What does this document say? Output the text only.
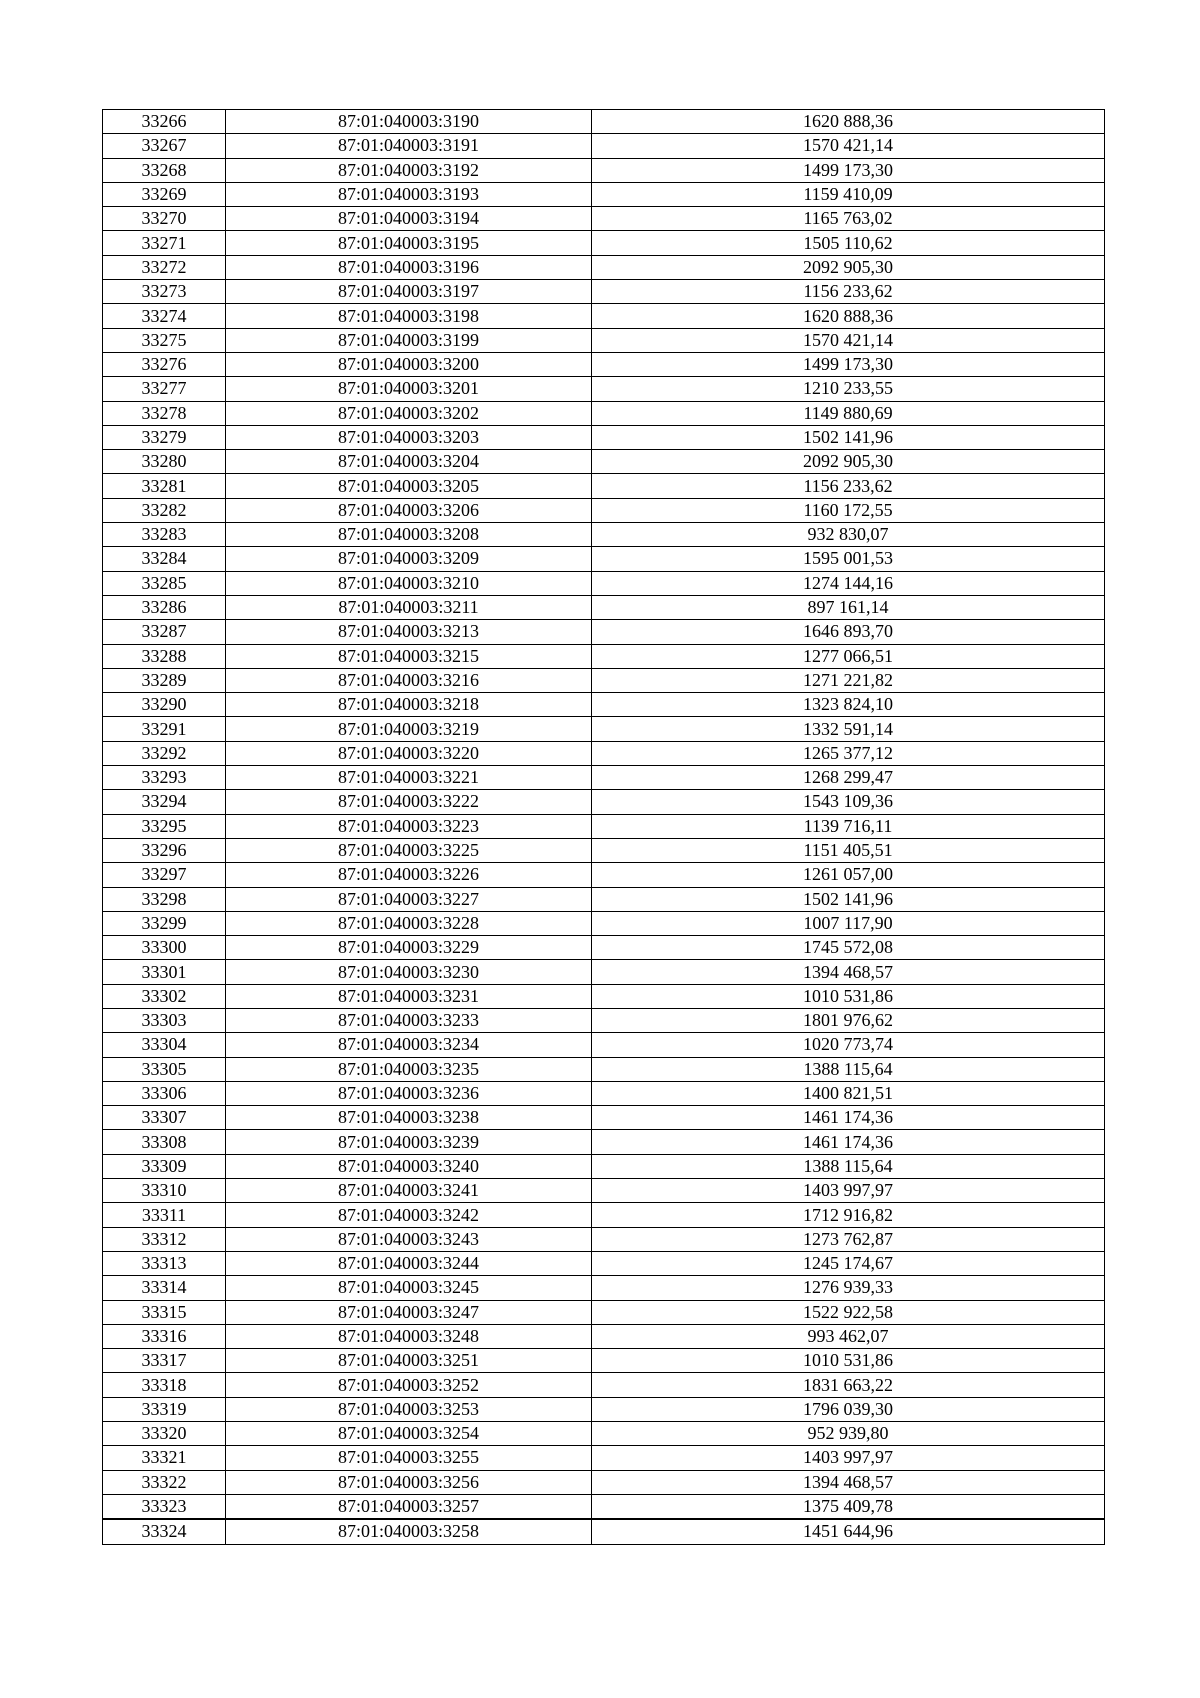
33266	87:01:040003:3190	1620 888,36
33267	87:01:040003:3191	1570 421,14
33268	87:01:040003:3192	1499 173,30
33269	87:01:040003:3193	1159 410,09
33270	87:01:040003:3194	1165 763,02
33271	87:01:040003:3195	1505 110,62
33272	87:01:040003:3196	2092 905,30
33273	87:01:040003:3197	1156 233,62
33274	87:01:040003:3198	1620 888,36
33275	87:01:040003:3199	1570 421,14
33276	87:01:040003:3200	1499 173,30
33277	87:01:040003:3201	1210 233,55
33278	87:01:040003:3202	1149 880,69
33279	87:01:040003:3203	1502 141,96
33280	87:01:040003:3204	2092 905,30
33281	87:01:040003:3205	1156 233,62
33282	87:01:040003:3206	1160 172,55
33283	87:01:040003:3208	932 830,07
33284	87:01:040003:3209	1595 001,53
33285	87:01:040003:3210	1274 144,16
33286	87:01:040003:3211	897 161,14
33287	87:01:040003:3213	1646 893,70
33288	87:01:040003:3215	1277 066,51
33289	87:01:040003:3216	1271 221,82
33290	87:01:040003:3218	1323 824,10
33291	87:01:040003:3219	1332 591,14
33292	87:01:040003:3220	1265 377,12
33293	87:01:040003:3221	1268 299,47
33294	87:01:040003:3222	1543 109,36
33295	87:01:040003:3223	1139 716,11
33296	87:01:040003:3225	1151 405,51
33297	87:01:040003:3226	1261 057,00
33298	87:01:040003:3227	1502 141,96
33299	87:01:040003:3228	1007 117,90
33300	87:01:040003:3229	1745 572,08
33301	87:01:040003:3230	1394 468,57
33302	87:01:040003:3231	1010 531,86
33303	87:01:040003:3233	1801 976,62
33304	87:01:040003:3234	1020 773,74
33305	87:01:040003:3235	1388 115,64
33306	87:01:040003:3236	1400 821,51
33307	87:01:040003:3238	1461 174,36
33308	87:01:040003:3239	1461 174,36
33309	87:01:040003:3240	1388 115,64
33310	87:01:040003:3241	1403 997,97
33311	87:01:040003:3242	1712 916,82
33312	87:01:040003:3243	1273 762,87
33313	87:01:040003:3244	1245 174,67
33314	87:01:040003:3245	1276 939,33
33315	87:01:040003:3247	1522 922,58
33316	87:01:040003:3248	993 462,07
33317	87:01:040003:3251	1010 531,86
33318	87:01:040003:3252	1831 663,22
33319	87:01:040003:3253	1796 039,30
33320	87:01:040003:3254	952 939,80
33321	87:01:040003:3255	1403 997,97
33322	87:01:040003:3256	1394 468,57
33323	87:01:040003:3257	1375 409,78
33324	87:01:040003:3258	1451 644,96
